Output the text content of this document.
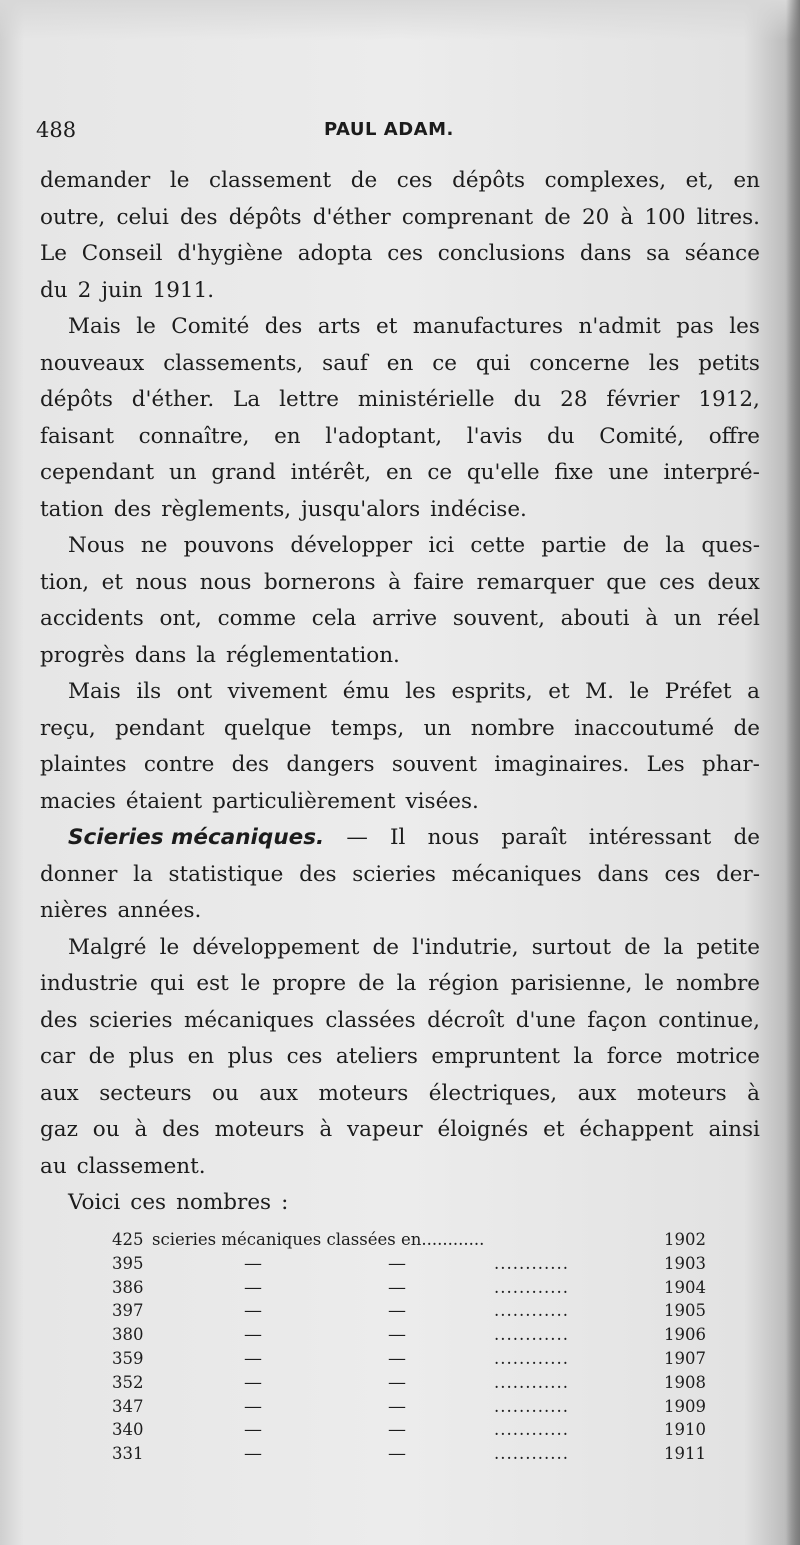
488	PAUL ADAM.
demander le classement de ces dépôts complexes, et, en
outre, celui des dépôts d'éther comprenant de 20 à 100 litres.
Le Conseil d'hygiène adopta ces conclusions dans sa séance
du 2 juin 1911.
Mais le Comité des arts et manufactures n'admit pas les
nouveaux classements, sauf en ce qui concerne les petits
dépôts d'éther. La lettre ministérielle du 28 février 1912,
faisant connaître, en l'adoptant, l'avis du Comité, offre
cependant un grand intérêt, en ce qu'elle fixe une interpré-
tation des règlements, jusqu'alors indécise.
Nous ne pouvons développer ici cette partie de la ques-
tion, et nous nous bornerons à faire remarquer que ces deux
accidents ont, comme cela arrive souvent, abouti à un réel
progrès dans la réglementation.
Mais ils ont vivement ému les esprits, et M. le Préfet a
reçu, pendant quelque temps, un nombre inaccoutumé de
plaintes contre des dangers souvent imaginaires. Les phar-
macies étaient particulièrement visées.
Scieries mécaniques. — Il nous paraît intéressant de
donner la statistique des scieries mécaniques dans ces der-
nières années.
Malgré le développement de l'indutrie, surtout de la petite
industrie qui est le propre de la région parisienne, le nombre
des scieries mécaniques classées décroît d'une façon continue,
car de plus en plus ces ateliers empruntent la force motrice
aux secteurs ou aux moteurs électriques, aux moteurs à
gaz ou à des moteurs à vapeur éloignés et échappent ainsi
au classement.
Voici ces nombres :
425 scieries mécaniques classées en............	1902
395	—	—	............	1903
386	—	—	............	1904
397	—	—	............	1905
380	—	—	............	1906
359	—	—	............	1907
352	—	—	............	1908
347	—	—	............	1909
340	—	—	............	1910
331	—	—	............	1911
